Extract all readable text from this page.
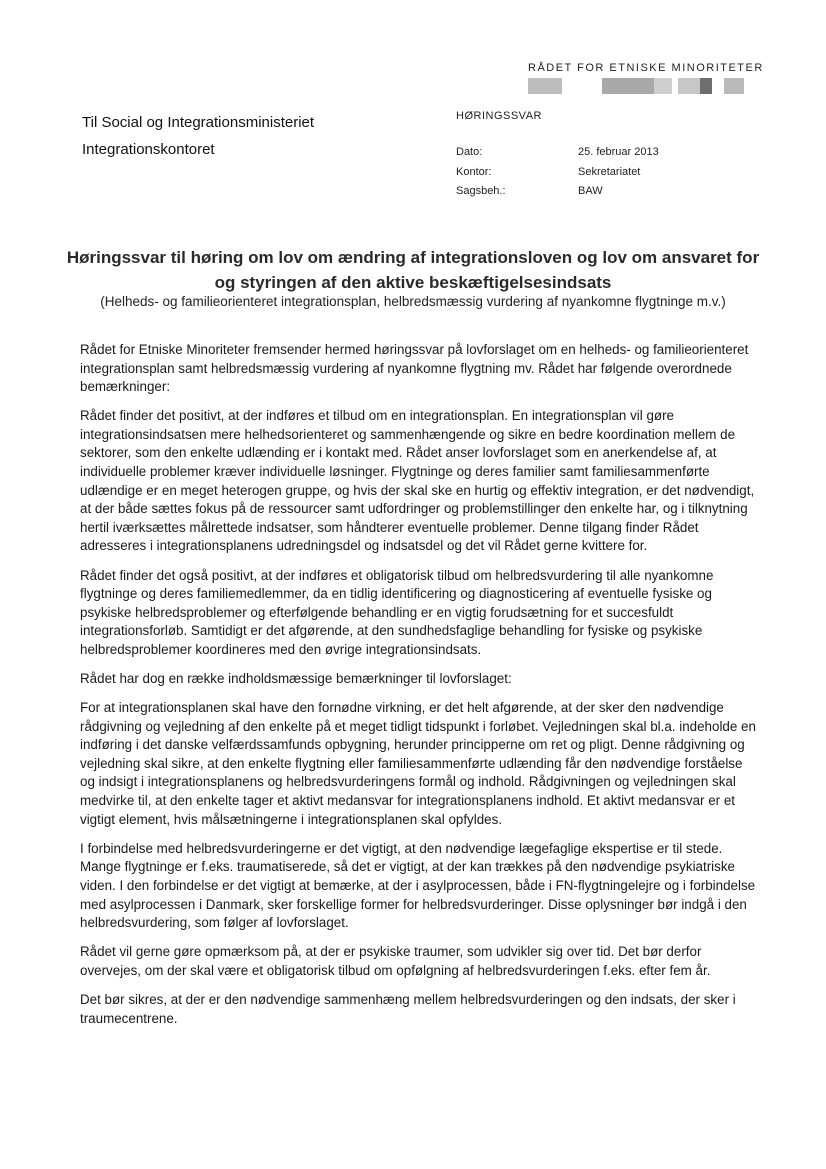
RÅDET FOR ETNISKE MINORITETER
Til Social og Integrationsministeriet
Integrationskontoret
HØRINGSSVAR
Dato:	25. februar 2013
Kontor:	Sekretariatet
Sagsbeh.:	BAW
Høringssvar til høring om lov om ændring af integrationsloven og lov om ansvaret for og styringen af den aktive beskæftigelsesindsats
(Helheds- og familieorienteret integrationsplan, helbredsmæssig vurdering af nyankomne flygtninge m.v.)

Rådet for Etniske Minoriteter fremsender hermed høringssvar på lovforslaget om en helheds- og familieorienteret integrationsplan samt helbredsmæssig vurdering af nyankomne flygtning mv. Rådet har følgende overordnede bemærkninger:

Rådet finder det positivt, at der indføres et tilbud om en integrationsplan. En integrationsplan vil gøre integrationsindsatsen mere helhedsorienteret og sammenhængende og sikre en bedre koordination mellem de sektorer, som den enkelte udlænding er i kontakt med. Rådet anser lovforslaget som en anerkendelse af, at individuelle problemer kræver individuelle løsninger. Flygtninge og deres familier samt familiesammenførte udlændige er en meget heterogen gruppe, og hvis der skal ske en hurtig og effektiv integration, er det nødvendigt, at der både sættes fokus på de ressourcer samt udfordringer og problemstillinger den enkelte har, og i tilknytning hertil iværksættes målrettede indsatser, som håndterer eventuelle problemer. Denne tilgang finder Rådet adresseres i integrationsplanens udredningsdel og indsatsdel og det vil Rådet gerne kvittere for.

Rådet finder det også positivt, at der indføres et obligatorisk tilbud om helbredsvurdering til alle nyankomne flygtninge og deres familiemedlemmer, da en tidlig identificering og diagnosticering af eventuelle fysiske og psykiske helbredsproblemer og efterfølgende behandling er en vigtig forudsætning for et succesfuldt integrationsforløb. Samtidigt er det afgørende, at den sundhedsfaglige behandling for fysiske og psykiske helbredsproblemer koordineres med den øvrige integrationsindsats.

Rådet har dog en række indholdsmæssige bemærkninger til lovforslaget:

For at integrationsplanen skal have den fornødne virkning, er det helt afgørende, at der sker den nødvendige rådgivning og vejledning af den enkelte på et meget tidligt tidspunkt i forløbet. Vejledningen skal bl.a. indeholde en indføring i det danske velfærdssamfunds opbygning, herunder principperne om ret og pligt. Denne rådgivning og vejledning skal sikre, at den enkelte flygtning eller familiesammenførte udlænding får den nødvendige forståelse og indsigt i integrationsplanens og helbredsvurderingens formål og indhold. Rådgivningen og vejledningen skal medvirke til, at den enkelte tager et aktivt medansvar for integrationsplanens indhold. Et aktivt medansvar er et vigtigt element, hvis målsætningerne i integrationsplanen skal opfyldes.

I forbindelse med helbredsvurderingerne er det vigtigt, at den nødvendige lægefaglige ekspertise er til stede. Mange flygtninge er f.eks. traumatiserede, så det er vigtigt, at der kan trækkes på den nødvendige psykiatriske viden. I den forbindelse er det vigtigt at bemærke, at der i asylprocessen, både i FN-flygtningelejre og i forbindelse med asylprocessen i Danmark, sker forskellige former for helbredsvurderinger. Disse oplysninger bør indgå i den helbredsvurdering, som følger af lovforslaget.

Rådet vil gerne gøre opmærksom på, at der er psykiske traumer, som udvikler sig over tid. Det bør derfor overvejes, om der skal være et obligatorisk tilbud om opfølgning af helbredsvurderingen f.eks. efter fem år.

Det bør sikres, at der er den nødvendige sammenhæng mellem helbredsvurderingen og den indsats, der sker i traumecentrene.
